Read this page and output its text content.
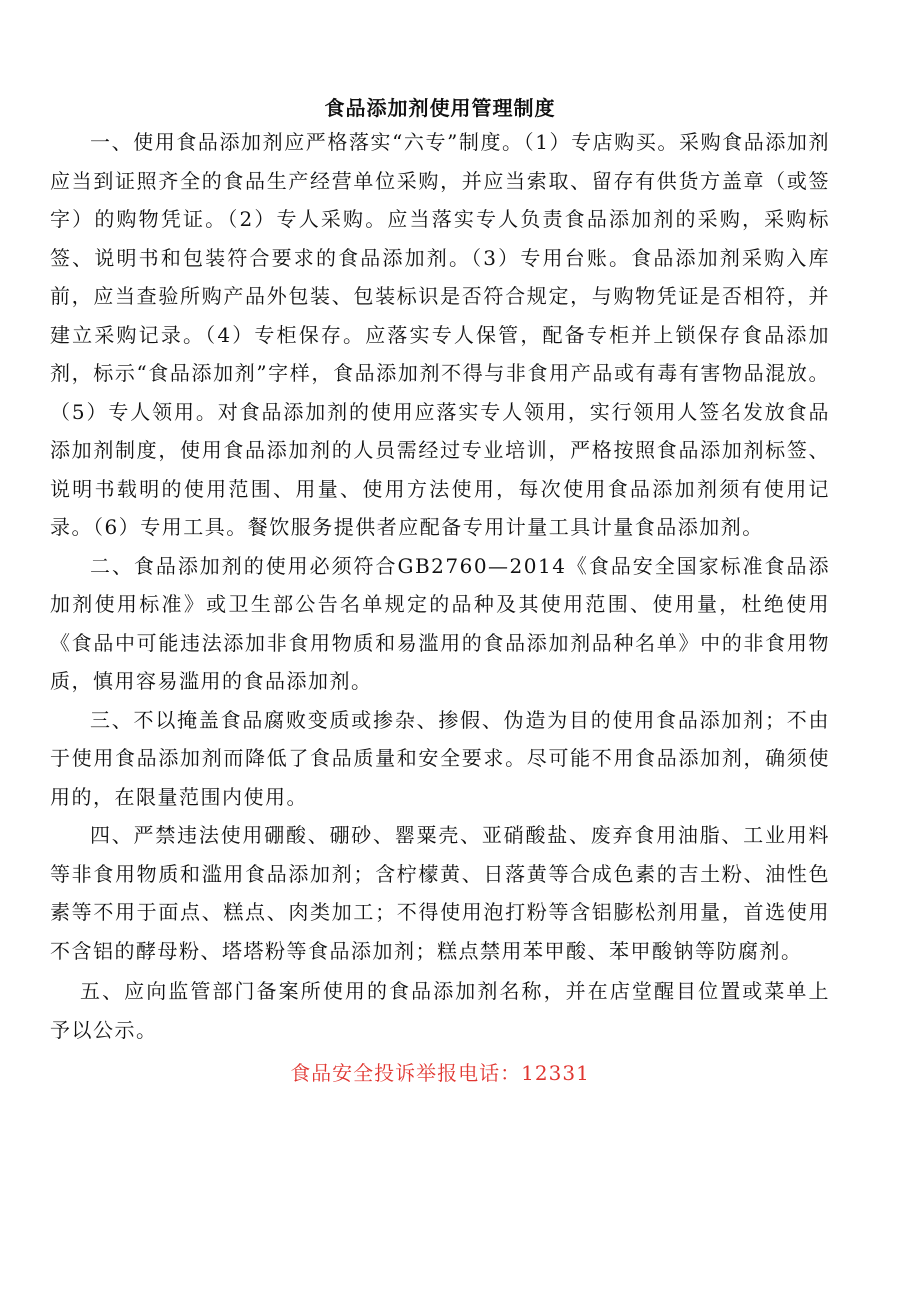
食品添加剂使用管理制度

一、使用食品添加剂应严格落实“六专”制度。（1）专店购买。采购食品添加剂应当到证照齐全的食品生产经营单位采购，并应当索取、留存有供货方盖章（或签字）的购物凭证。（2）专人采购。应当落实专人负责食品添加剂的采购，采购标签、说明书和包装符合要求的食品添加剂。（3）专用台账。食品添加剂采购入库前，应当查验所购产品外包装、包装标识是否符合规定，与购物凭证是否相符，并建立采购记录。（4）专柜保存。应落实专人保管，配备专柜并上锁保存食品添加剂，标示“食品添加剂”字样，食品添加剂不得与非食用产品或有毒有害物品混放。（5）专人领用。对食品添加剂的使用应落实专人领用，实行领用人签名发放食品添加剂制度，使用食品添加剂的人员需经过专业培训，严格按照食品添加剂标签、说明书载明的使用范围、用量、使用方法使用，每次使用食品添加剂须有使用记录。（6）专用工具。餐饮服务提供者应配备专用计量工具计量食品添加剂。

二、食品添加剂的使用必须符合GB2760—2014《食品安全国家标准食品添加剂使用标准》或卫生部公告名单规定的品种及其使用范围、使用量，杜绝使用《食品中可能违法添加非食用物质和易滥用的食品添加剂品种名单》中的非食用物质，慎用容易滥用的食品添加剂。

三、不以掩盖食品腐败变质或掺杂、掺假、伪造为目的使用食品添加剂；不由于使用食品添加剂而降低了食品质量和安全要求。尽可能不用食品添加剂，确须使用的，在限量范围内使用。

四、严禁违法使用硼酸、硼砂、罂粟壳、亚硝酸盐、废弃食用油脂、工业用料等非食用物质和滥用食品添加剂；含柠檬黄、日落黄等合成色素的吉土粉、油性色素等不用于面点、糕点、肉类加工；不得使用泡打粉等含铝膨松剂用量，首选使用不含铝的酵母粉、塔塔粉等食品添加剂；糕点禁用苯甲酸、苯甲酸钠等防腐剂。

五、应向监管部门备案所使用的食品添加剂名称，并在店堂醒目位置或菜单上予以公示。

食品安全投诉举报电话：12331
